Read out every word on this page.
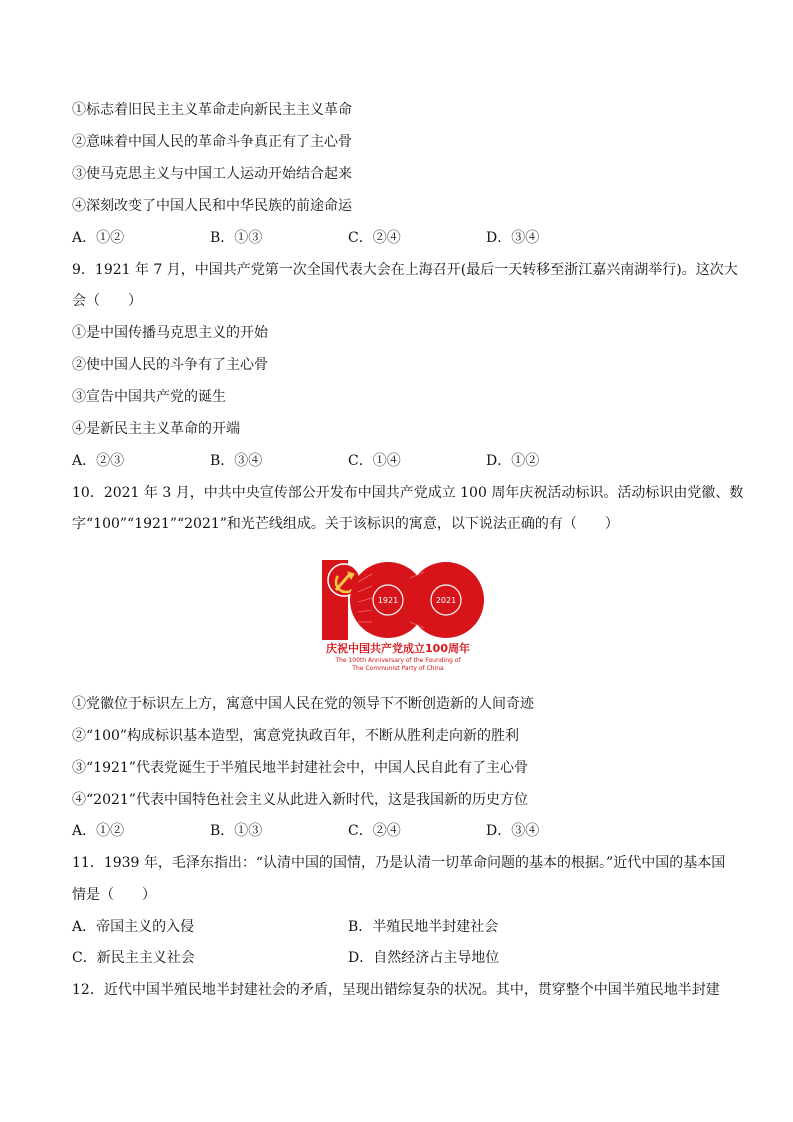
①标志着旧民主主义革命走向新民主主义革命
②意味着中国人民的革命斗争真正有了主心骨
③使马克思主义与中国工人运动开始结合起来
④深刻改变了中国人民和中华民族的前途命运
A．①②	B．①③	C．②④	D．③④
9．1921 年 7 月，中国共产党第一次全国代表大会在上海召开(最后一天转移至浙江嘉兴南湖举行)。这次大
会（　　）
①是中国传播马克思主义的开始
②使中国人民的斗争有了主心骨
③宣告中国共产党的诞生
④是新民主主义革命的开端
A．②③	B．③④	C．①④	D．①②
10．2021 年 3 月，中共中央宣传部公开发布中国共产党成立 100 周年庆祝活动标识。活动标识由党徽、数
字“100”“1921”“2021”和光芒线组成。关于该标识的寓意，以下说法正确的有（　　）
1921	2021
庆祝中国共产党成立100周年
The 100th Anniversary of the Founding of
The Communist Party of China
①党徽位于标识左上方，寓意中国人民在党的领导下不断创造新的人间奇迹
②“100”构成标识基本造型，寓意党执政百年，不断从胜利走向新的胜利
③“1921”代表党诞生于半殖民地半封建社会中，中国人民自此有了主心骨
④“2021”代表中国特色社会主义从此进入新时代，这是我国新的历史方位
A．①②	B．①③	C．②④	D．③④
11．1939 年，毛泽东指出：“认清中国的国情，乃是认清一切革命问题的基本的根据。”近代中国的基本国
情是（　　）
A．帝国主义的入侵	B．半殖民地半封建社会
C．新民主主义社会	D．自然经济占主导地位
12．近代中国半殖民地半封建社会的矛盾，呈现出错综复杂的状况。其中，贯穿整个中国半殖民地半封建
